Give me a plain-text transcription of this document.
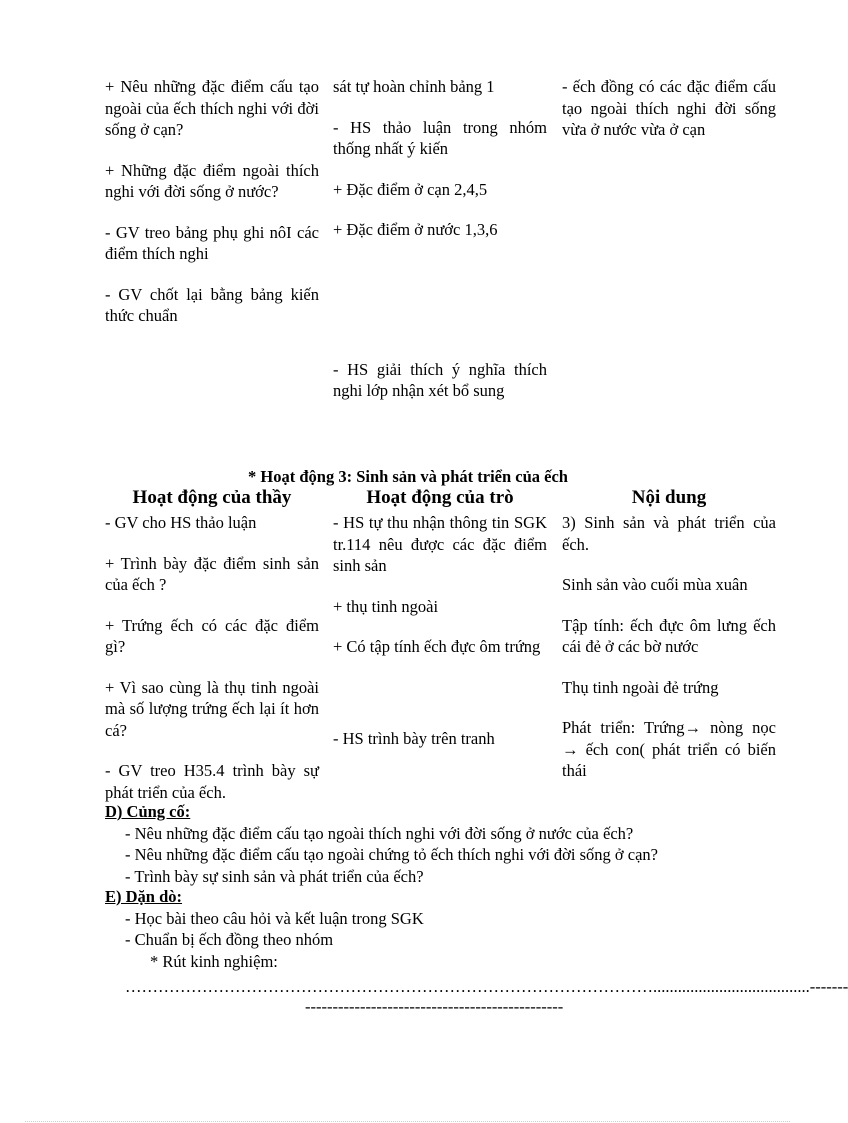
+ Nêu những đặc điểm cấu tạo ngoài của ếch thích nghi với đời sống ở cạn?

+ Những đặc điểm ngoài thích nghi với đời sống ở nước?

- GV treo bảng phụ ghi nôI các điểm thích nghi

- GV chốt lại bằng bảng kiến thức chuẩn

sát tự hoàn chỉnh bảng 1

- HS thảo luận trong nhóm thống nhất ý kiến

+ Đặc điểm ở cạn 2,4,5

+ Đặc điểm ở nước 1,3,6

- HS giải thích ý nghĩa thích nghi lớp nhận xét bổ sung

- ếch đồng có các đặc điểm cấu tạo ngoài thích nghi đời sống vừa ở nước vừa ở cạn

* Hoạt động 3: Sinh sản và phát triển của ếch
Hoạt động của thầy	Hoạt động của trò	Nội dung

- GV cho HS thảo luận

+ Trình bày đặc điểm sinh sản của ếch ?

+ Trứng ếch có các đặc điểm gì?

+ Vì sao cùng là thụ tinh ngoài mà số lượng trứng ếch lại ít hơn cá?

- GV treo H35.4 trình bày sự phát triển của ếch.

- HS tự thu nhận thông tin SGK tr.114 nêu được các đặc điểm sinh sản

+ thụ tinh ngoài

+ Có tập tính ếch đực ôm trứng

- HS trình bày trên tranh

3) Sinh sản và phát triển của ếch.

Sinh sản vào cuối mùa xuân

Tập tính: ếch đực ôm lưng ếch cái đẻ ở các bờ nước

Thụ tinh ngoài đẻ trứng

Phát triển: Trứng→ nòng nọc → ếch con( phát triển có biến thái

D) Củng cố:
- Nêu những đặc điểm cấu tạo ngoài thích nghi với đời sống ở nước của ếch?
- Nêu những đặc điểm cấu tạo ngoài chứng tỏ ếch thích nghi với đời sống ở cạn?
- Trình bày sự sinh sản và phát triển của ếch?
E) Dặn dò:
- Học bài theo câu hỏi và kết luận trong SGK
- Chuẩn bị ếch đồng theo nhóm
* Rút kinh nghiệm:
……………………………………………………………………………………......................................-------
-----------------------------------------------
